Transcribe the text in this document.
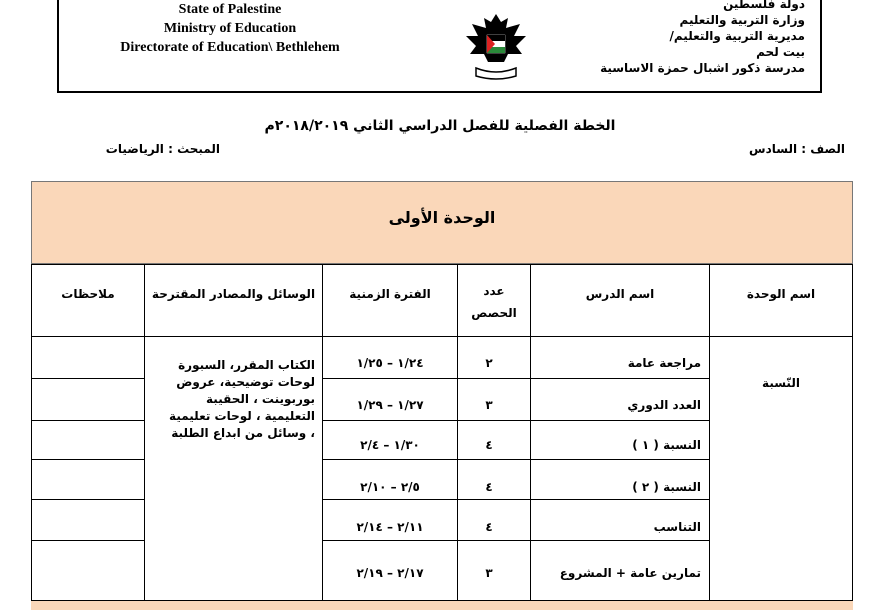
State of Palestine
Ministry of Education
Directorate of Education\ Bethlehem
دولة فلسطين
وزارة التربية والتعليم
مديرية التربية والتعليم/
بيت لحم
مدرسة ذكور اشبال حمزة الاساسية
الخطة الفصلية للفصل الدراسي الثاني ٢٠١٨/٢٠١٩م
الصف : السادس
المبحث : الرياضيات
الوحدة الأولى
اسم الوحدة
اسم الدرس
عدد
الحصص
الفترة الزمنية
الوسائل والمصادر المقترحة
ملاحظات
النّسبة
الكتاب المقرر، السبورة لوحات توضيحية، عروض بوربوينت ، الحقيبة التعليمية ، لوحات تعليمية ، وسائل من ابداع الطلبة
مراجعة عامة
٢
١/٢٤ – ١/٢٥
العدد الدوري
٣
١/٢٧ – ١/٢٩
النسبة ( ١ )
٤
١/٣٠ – ٢/٤
النسبة ( ٢ )
٤
٢/٥ – ٢/١٠
التناسب
٤
٢/١١ – ٢/١٤
تمارين عامة + المشروع
٣
٢/١٧ – ٢/١٩
